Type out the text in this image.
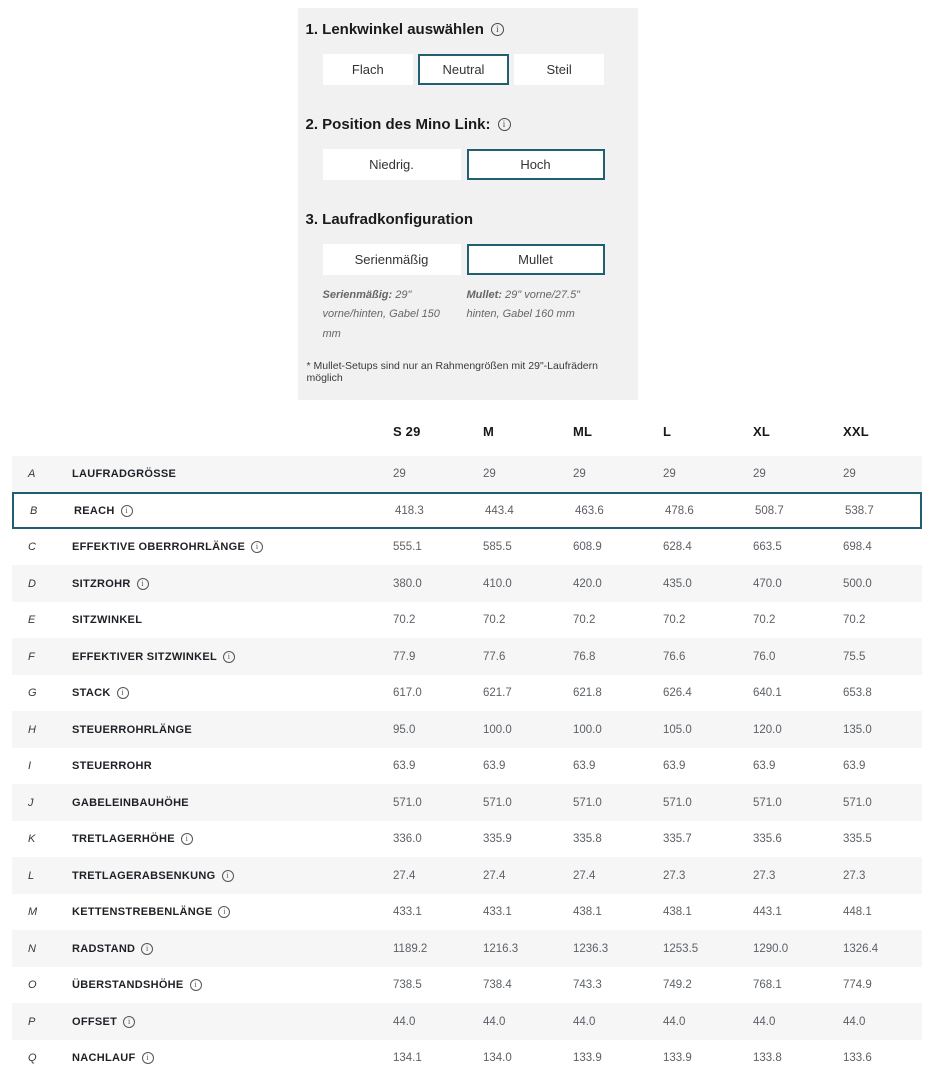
1. Lenkwinkel auswählen	i
Flach	Neutral	Steil
2. Position des Mino Link:	i
Niedrig.	Hoch
3. Laufradkonfiguration
Serienmäßig	Mullet
Serienmäßig: 29" vorne/hinten, Gabel 150 mm
Mullet: 29" vorne/27.5" hinten, Gabel 160 mm
* Mullet-Setups sind nur an Rahmengrößen mit 29"-Laufrädern möglich
S 29	M	ML	L	XL	XXL
A	LAUFRADGRÖSSE	29	29	29	29	29	29
B	REACH	i	418.3	443.4	463.6	478.6	508.7	538.7
C	EFFEKTIVE OBERROHRLÄNGE	i	555.1	585.5	608.9	628.4	663.5	698.4
D	SITZROHR	i	380.0	410.0	420.0	435.0	470.0	500.0
E	SITZWINKEL	70.2	70.2	70.2	70.2	70.2	70.2
F	EFFEKTIVER SITZWINKEL	i	77.9	77.6	76.8	76.6	76.0	75.5
G	STACK	i	617.0	621.7	621.8	626.4	640.1	653.8
H	STEUERROHRLÄNGE	95.0	100.0	100.0	105.0	120.0	135.0
I	STEUERROHR	63.9	63.9	63.9	63.9	63.9	63.9
J	GABELEINBAUHÖHE	571.0	571.0	571.0	571.0	571.0	571.0
K	TRETLAGERHÖHE	i	336.0	335.9	335.8	335.7	335.6	335.5
L	TRETLAGERABSENKUNG	i	27.4	27.4	27.4	27.3	27.3	27.3
M	KETTENSTREBENLÄNGE	i	433.1	433.1	438.1	438.1	443.1	448.1
N	RADSTAND	i	1189.2	1216.3	1236.3	1253.5	1290.0	1326.4
O	ÜBERSTANDSHÖHE	i	738.5	738.4	743.3	749.2	768.1	774.9
P	OFFSET	i	44.0	44.0	44.0	44.0	44.0	44.0
Q	NACHLAUF	i	134.1	134.0	133.9	133.9	133.8	133.6
